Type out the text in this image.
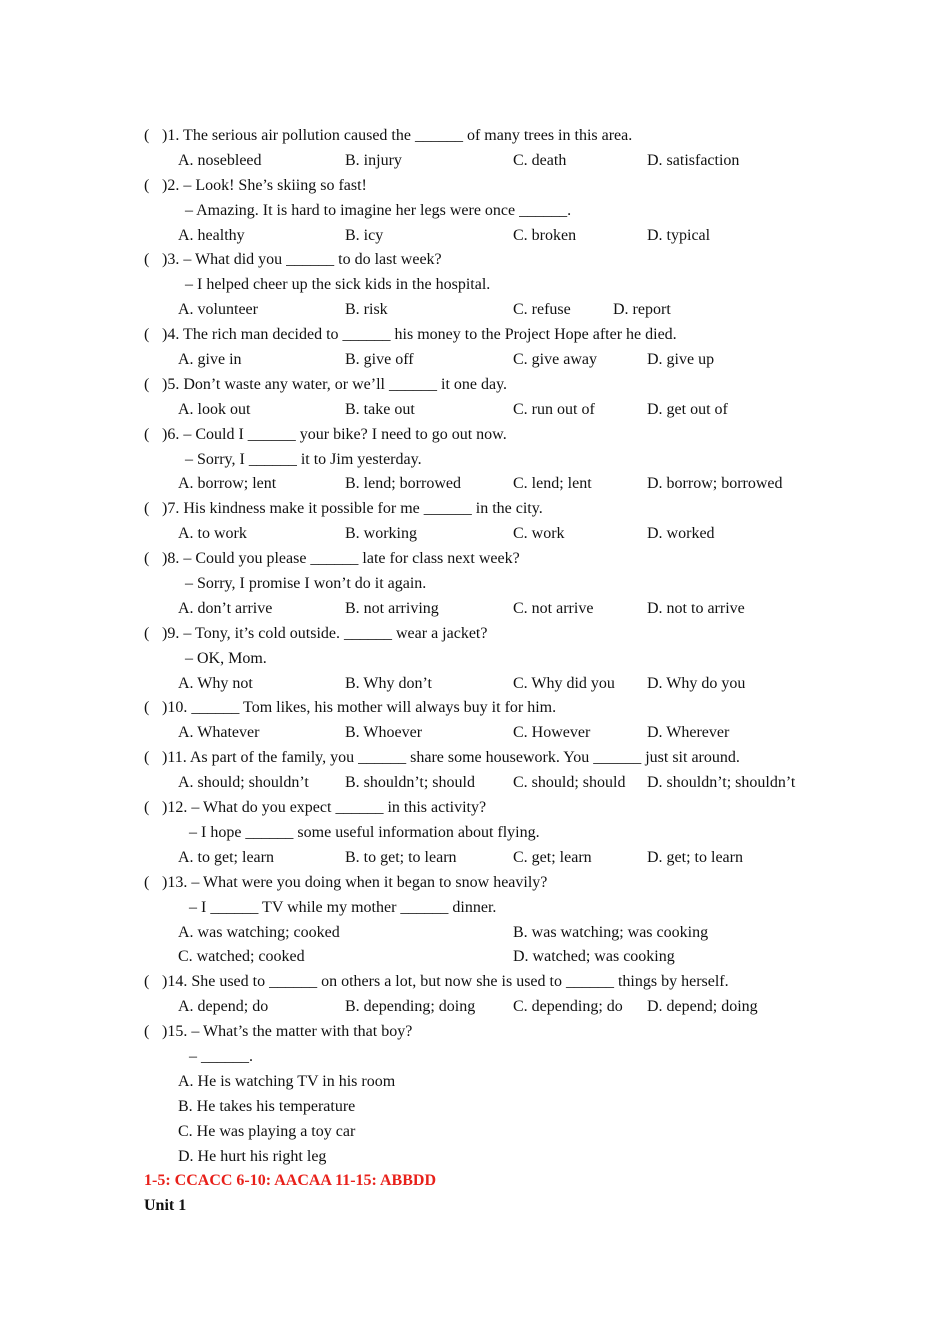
( )1. The serious air pollution caused the ______ of many trees in this area.
A. nosebleed	B. injury	C. death	D. satisfaction
( )2. – Look! She’s skiing so fast!
– Amazing. It is hard to imagine her legs were once ______.
A. healthy	B. icy	C. broken	D. typical
( )3. – What did you ______ to do last week?
– I helped cheer up the sick kids in the hospital.
A. volunteer	B. risk	C. refuse	D. report
( )4. The rich man decided to ______ his money to the Project Hope after he died.
A. give in	B. give off	C. give away	D. give up
( )5. Don’t waste any water, or we’ll ______ it one day.
A. look out	B. take out	C. run out of	D. get out of
( )6. – Could I ______ your bike? I need to go out now.
– Sorry, I ______ it to Jim yesterday.
A. borrow; lent	B. lend; borrowed	C. lend; lent	D. borrow; borrowed
( )7. His kindness make it possible for me ______ in the city.
A. to work	B. working	C. work	D. worked
( )8. – Could you please ______ late for class next week?
– Sorry, I promise I won’t do it again.
A. don’t arrive	B. not arriving	C. not arrive	D. not to arrive
( )9. – Tony, it’s cold outside. ______ wear a jacket?
– OK, Mom.
A. Why not	B. Why don’t	C. Why did you D. Why do you
( )10. ______ Tom likes, his mother will always buy it for him.
A. Whatever	B. Whoever	C. However	D. Wherever
( )11. As part of the family, you ______ share some housework. You ______ just sit around.
A. should; shouldn’t B. shouldn’t; should C. should; should D. shouldn’t; shouldn’t
( )12. – What do you expect ______ in this activity?
– I hope ______ some useful information about flying.
A. to get; learn	B. to get; to learn	C. get; learn	D. get; to learn
( )13. – What were you doing when it began to snow heavily?
– I ______ TV while my mother ______ dinner.
A. was watching; cooked	B. was watching; was cooking
C. watched; cooked	D. watched; was cooking
( )14. She used to ______ on others a lot, but now she is used to ______ things by herself.
A. depend; do	B. depending; doing C. depending; do D. depend; doing
( )15. – What’s the matter with that boy?
– ______.
A. He is watching TV in his room
B. He takes his temperature
C. He was playing a toy car
D. He hurt his right leg
1-5: CCACC 6-10: AACAA 11-15: ABBDD
Unit 1
